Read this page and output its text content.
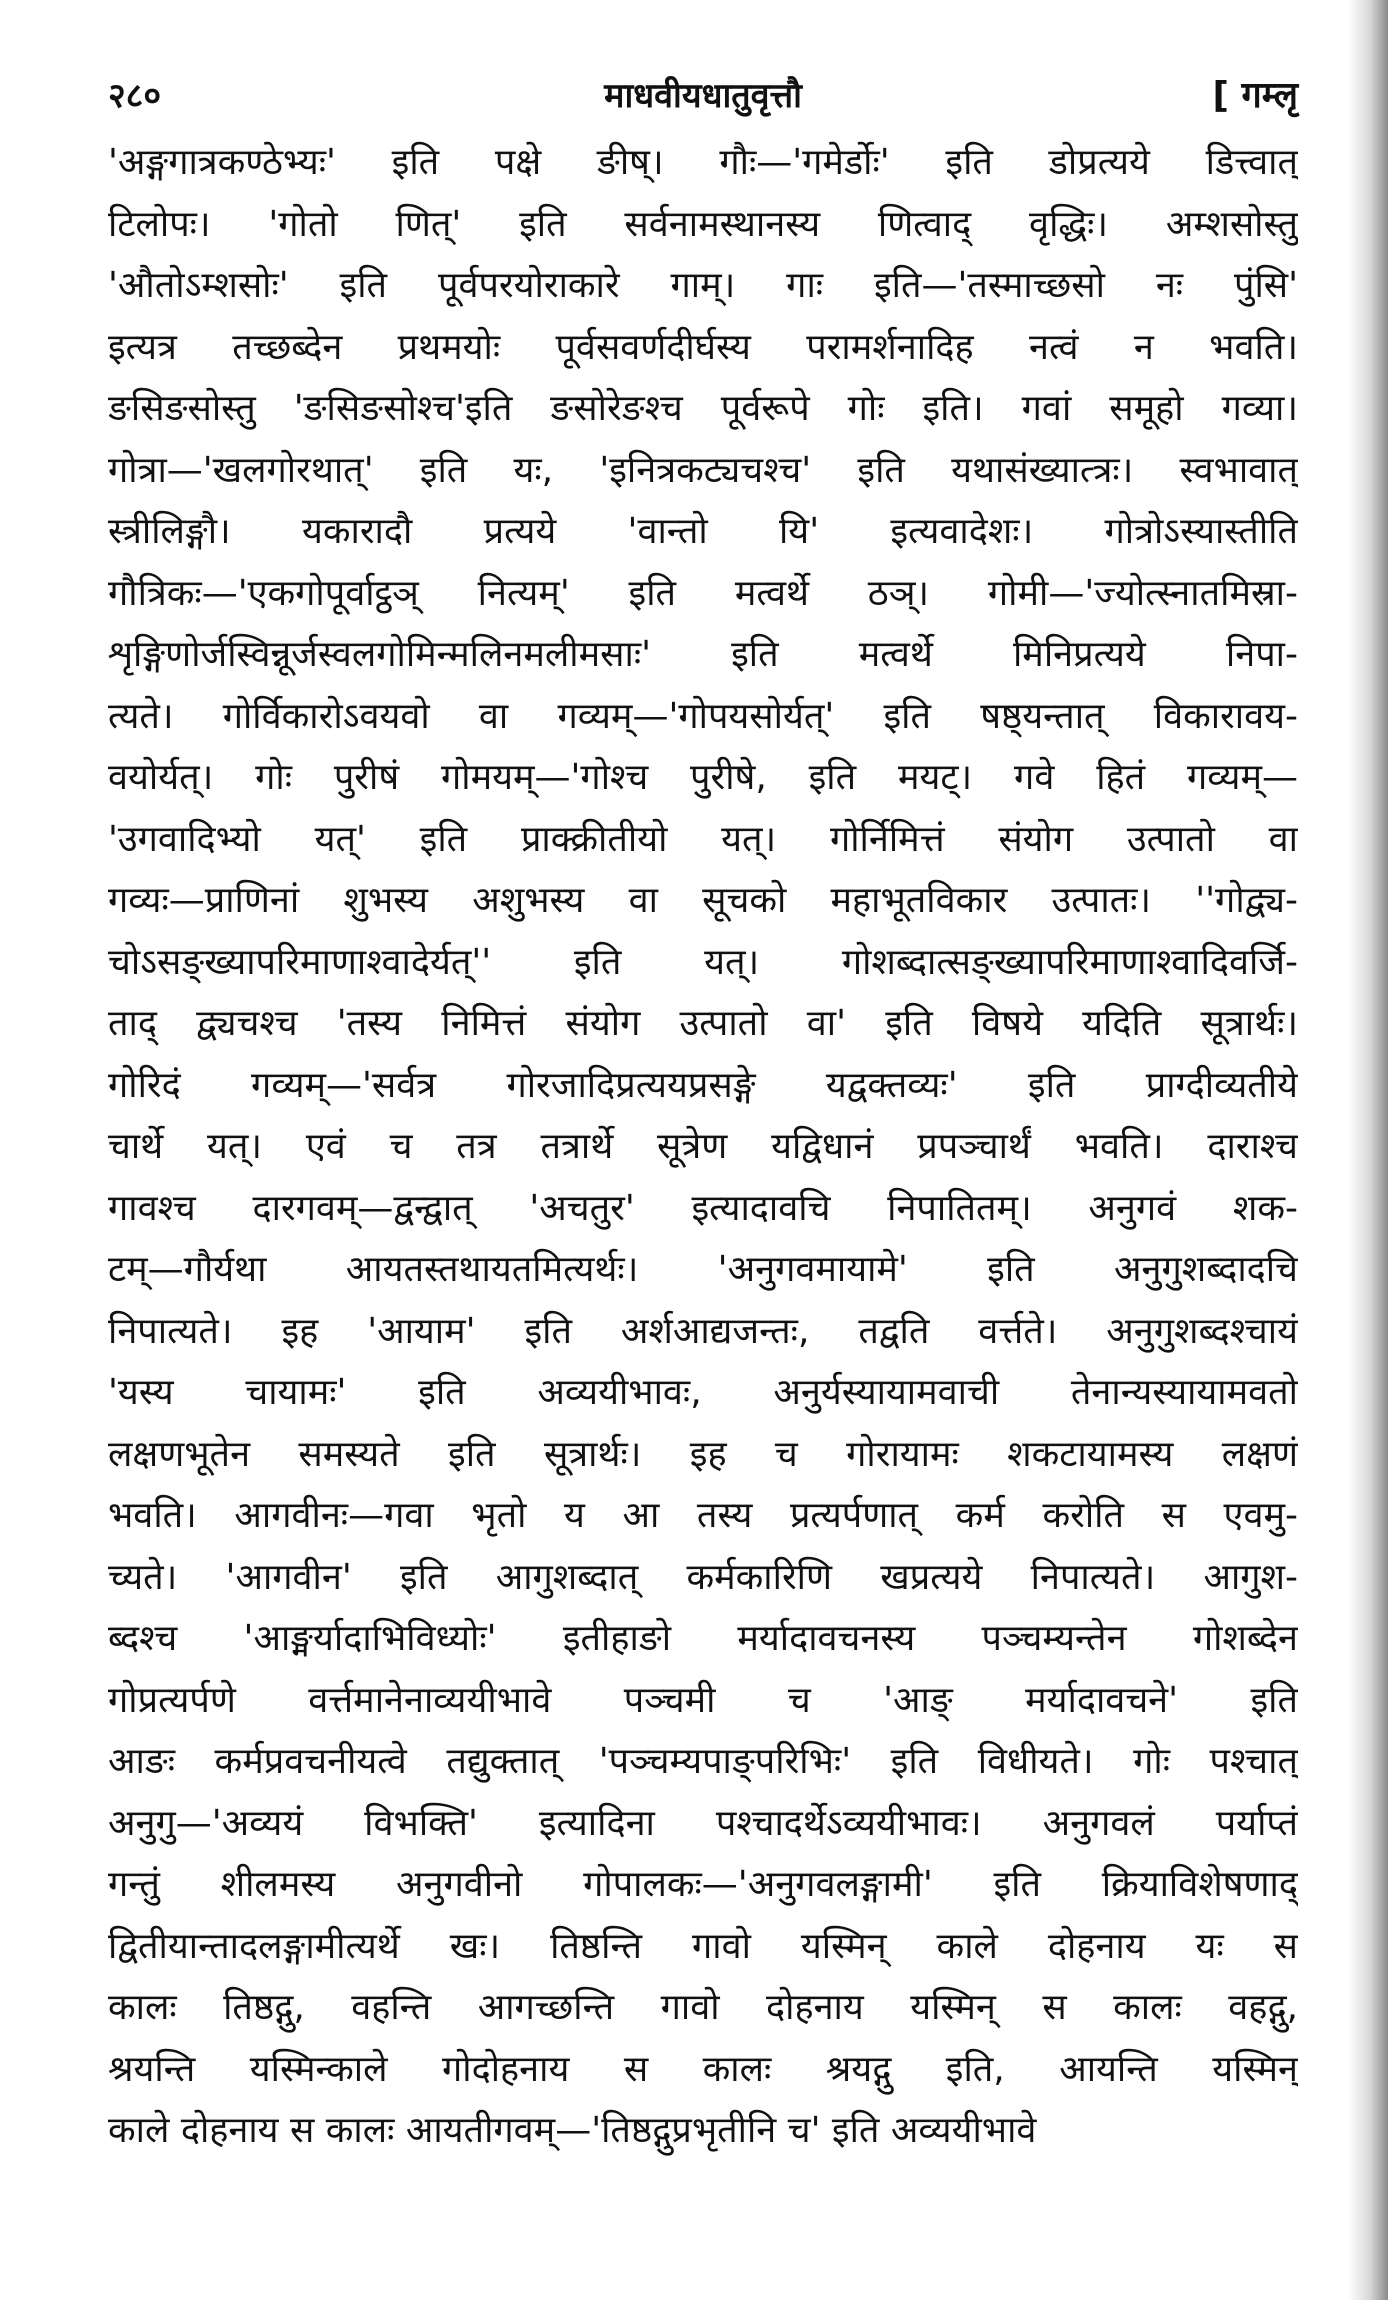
२८०	माधवीयधातुवृत्तौ	[ गम्लृ
'अङ्गगात्रकण्ठेभ्यः' इति पक्षे ङीष्। गौः—'गमेर्डोः' इति डोप्रत्यये डित्त्वात्
टिलोपः। 'गोतो णित्' इति सर्वनामस्थानस्य णित्वाद् वृद्धिः। अम्शसोस्तु
'औतोऽम्शसोः' इति पूर्वपरयोराकारे गाम्। गाः इति—'तस्माच्छसो नः पुंसि'
इत्यत्र तच्छब्देन प्रथमयोः पूर्वसवर्णदीर्घस्य परामर्शनादिह नत्वं न भवति।
ङसिङसोस्तु 'ङसिङसोश्च'इति ङसोरेङश्च पूर्वरूपे गोः इति। गवां समूहो गव्या।
गोत्रा—'खलगोरथात्' इति यः, 'इनित्रकट्यचश्च' इति यथासंख्यात्त्रः। स्वभावात्
स्त्रीलिङ्गौ। यकारादौ प्रत्यये 'वान्तो यि' इत्यवादेशः। गोत्रोऽस्यास्तीति
गौत्रिकः—'एकगोपूर्वाट्ठञ् नित्यम्' इति मत्वर्थे ठञ्। गोमी—'ज्योत्स्नातमिस्रा-
शृङ्गिणोर्जस्विन्नूर्जस्वलगोमिन्मलिनमलीमसाः' इति मत्वर्थे मिनिप्रत्यये निपा-
त्यते। गोर्विकारोऽवयवो वा गव्यम्—'गोपयसोर्यत्' इति षष्ठ्यन्तात् विकारावय-
वयोर्यत्। गोः पुरीषं गोमयम्—'गोश्च पुरीषे, इति मयट्। गवे हितं गव्यम्—
'उगवादिभ्यो यत्' इति प्राक्क्रीतीयो यत्। गोर्निमित्तं संयोग उत्पातो वा
गव्यः—प्राणिनां शुभस्य अशुभस्य वा सूचको महाभूतविकार उत्पातः। ''गोद्व्य-
चोऽसङ्ख्यापरिमाणाश्वादेर्यत्'' इति यत्। गोशब्दात्सङ्ख्यापरिमाणाश्वादिवर्जि-
ताद् द्व्यचश्च 'तस्य निमित्तं संयोग उत्पातो वा' इति विषये यदिति सूत्रार्थः।
गोरिदं गव्यम्—'सर्वत्र गोरजादिप्रत्ययप्रसङ्गे यद्वक्तव्यः' इति प्राग्दीव्यतीये
चार्थे यत्। एवं च तत्र तत्रार्थे सूत्रेण यद्विधानं प्रपञ्चार्थं भवति। दाराश्च
गावश्च दारगवम्—द्वन्द्वात् 'अचतुर' इत्यादावचि निपातितम्। अनुगवं शक-
टम्—गौर्यथा आयतस्तथायतमित्यर्थः। 'अनुगवमायामे' इति अनुगुशब्दादचि
निपात्यते। इह 'आयाम' इति अर्शआद्यजन्तः, तद्वति वर्त्तते। अनुगुशब्दश्चायं
'यस्य चायामः' इति अव्ययीभावः, अनुर्यस्यायामवाची तेनान्यस्यायामवतो
लक्षणभूतेन समस्यते इति सूत्रार्थः। इह च गोरायामः शकटायामस्य लक्षणं
भवति। आगवीनः—गवा भृतो य आ तस्य प्रत्यर्पणात् कर्म करोति स एवमु-
च्यते। 'आगवीन' इति आगुशब्दात् कर्मकारिणि खप्रत्यये निपात्यते। आगुश-
ब्दश्च 'आङ्मर्यादाभिविध्योः' इतीहाङो मर्यादावचनस्य पञ्चम्यन्तेन गोशब्देन
गोप्रत्यर्पणे वर्त्तमानेनाव्ययीभावे पञ्चमी च 'आङ् मर्यादावचने' इति
आङः कर्मप्रवचनीयत्वे तद्युक्तात् 'पञ्चम्यपाङ्परिभिः' इति विधीयते। गोः पश्चात्
अनुगु—'अव्ययं विभक्ति' इत्यादिना पश्चादर्थेऽव्ययीभावः। अनुगवलं पर्याप्तं
गन्तुं शीलमस्य अनुगवीनो गोपालकः—'अनुगवलङ्गामी' इति क्रियाविशेषणाद्
द्वितीयान्तादलङ्गामीत्यर्थे खः। तिष्ठन्ति गावो यस्मिन् काले दोहनाय यः स
कालः तिष्ठद्गु, वहन्ति आगच्छन्ति गावो दोहनाय यस्मिन् स कालः वहद्गु,
श्रयन्ति यस्मिन्काले गोदोहनाय स कालः श्रयद्गु इति, आयन्ति यस्मिन्
काले दोहनाय स कालः आयतीगवम्—'तिष्ठद्गुप्रभृतीनि च' इति अव्ययीभावे
